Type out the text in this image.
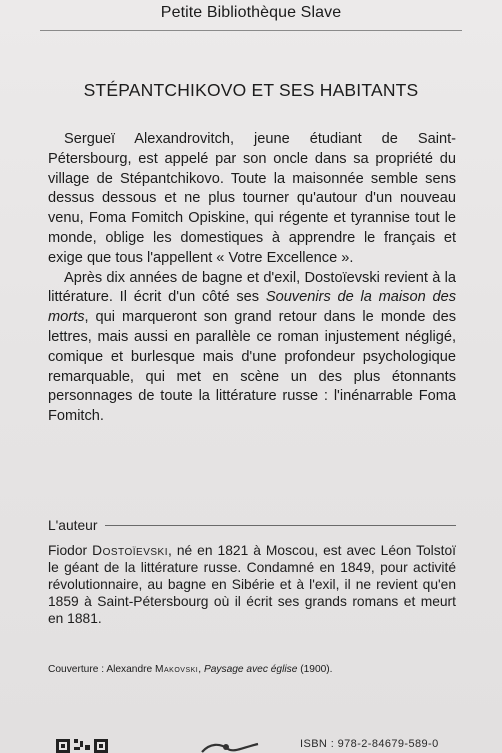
Petite Bibliothèque Slave
STÉPANTCHIKOVO ET SES HABITANTS

Sergueï Alexandrovitch, jeune étudiant de Saint-Pétersbourg, est appelé par son oncle dans sa propriété du village de Stépantchikovo. Toute la maisonnée semble sens dessus dessous et ne plus tourner qu'autour d'un nouveau venu, Foma Fomitch Opiskine, qui régente et tyrannise tout le monde, oblige les domestiques à apprendre le français et exige que tous l'appellent « Votre Excellence ».

Après dix années de bagne et d'exil, Dostoïevski revient à la littérature. Il écrit d'un côté ses Souvenirs de la maison des morts, qui marqueront son grand retour dans le monde des lettres, mais aussi en parallèle ce roman injustement négligé, comique et burlesque mais d'une profondeur psychologique remarquable, qui met en scène un des plus étonnants personnages de toute la littérature russe : l'inénarrable Foma Fomitch.

L'auteur

Fiodor Dostoïevski, né en 1821 à Moscou, est avec Léon Tolstoï le géant de la littérature russe. Condamné en 1849, pour activité révolutionnaire, au bagne en Sibérie et à l'exil, il ne revient qu'en 1859 à Saint-Pétersbourg où il écrit ses grands romans et meurt en 1881.

Couverture : Alexandre Makovski, Paysage avec église (1900).
ISBN : 978-2-84679-589-0
